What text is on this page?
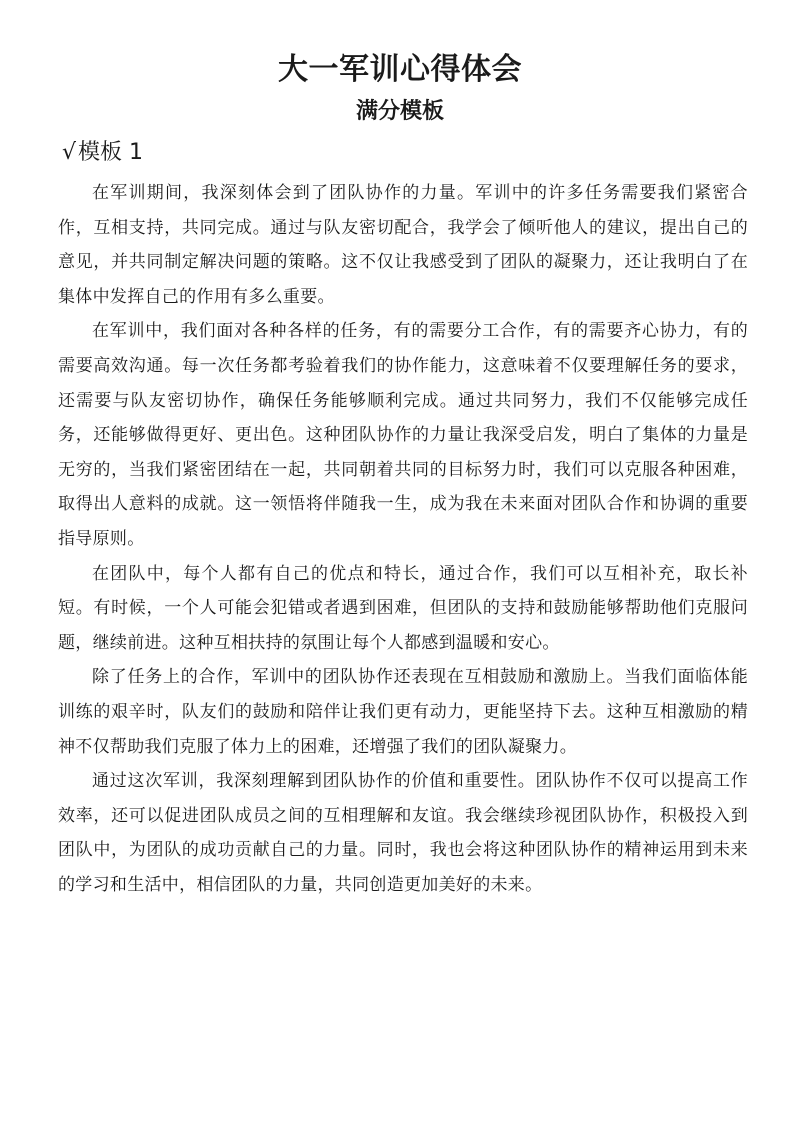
大一军训心得体会
满分模板
√模板 1

在军训期间，我深刻体会到了团队协作的力量。军训中的许多任务需要我们紧密合作，互相支持，共同完成。通过与队友密切配合，我学会了倾听他人的建议，提出自己的意见，并共同制定解决问题的策略。这不仅让我感受到了团队的凝聚力，还让我明白了在集体中发挥自己的作用有多么重要。

在军训中，我们面对各种各样的任务，有的需要分工合作，有的需要齐心协力，有的需要高效沟通。每一次任务都考验着我们的协作能力，这意味着不仅要理解任务的要求，还需要与队友密切协作，确保任务能够顺利完成。通过共同努力，我们不仅能够完成任务，还能够做得更好、更出色。这种团队协作的力量让我深受启发，明白了集体的力量是无穷的，当我们紧密团结在一起，共同朝着共同的目标努力时，我们可以克服各种困难，取得出人意料的成就。这一领悟将伴随我一生，成为我在未来面对团队合作和协调的重要指导原则。

在团队中，每个人都有自己的优点和特长，通过合作，我们可以互相补充，取长补短。有时候，一个人可能会犯错或者遇到困难，但团队的支持和鼓励能够帮助他们克服问题，继续前进。这种互相扶持的氛围让每个人都感到温暖和安心。

除了任务上的合作，军训中的团队协作还表现在互相鼓励和激励上。当我们面临体能训练的艰辛时，队友们的鼓励和陪伴让我们更有动力，更能坚持下去。这种互相激励的精神不仅帮助我们克服了体力上的困难，还增强了我们的团队凝聚力。

通过这次军训，我深刻理解到团队协作的价值和重要性。团队协作不仅可以提高工作效率，还可以促进团队成员之间的互相理解和友谊。我会继续珍视团队协作，积极投入到团队中，为团队的成功贡献自己的力量。同时，我也会将这种团队协作的精神运用到未来的学习和生活中，相信团队的力量，共同创造更加美好的未来。
